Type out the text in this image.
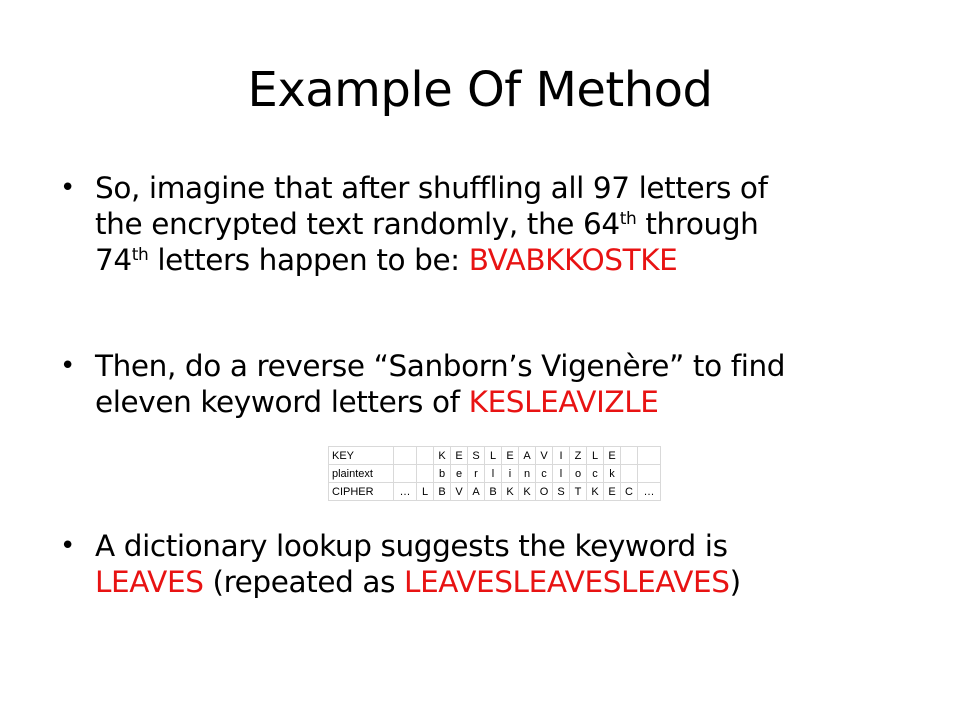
Example Of Method
• So, imagine that after shuffling all 97 letters of
the encrypted text randomly, the 64th through
74th letters happen to be: BVABKKOSTKE
• Then, do a reverse “Sanborn’s Vigenère” to find
eleven keyword letters of KESLEAVIZLE
• A dictionary lookup suggests the keyword is
LEAVES (repeated as LEAVESLEAVESLEAVES)
KEY			K	E	S	L	E	A	V	I	Z	L	E		
plaintext			b	e	r	l	i	n	c	l	o	c	k		
CIPHER	…	L	B	V	A	B	K	K	O	S	T	K	E	C	…
